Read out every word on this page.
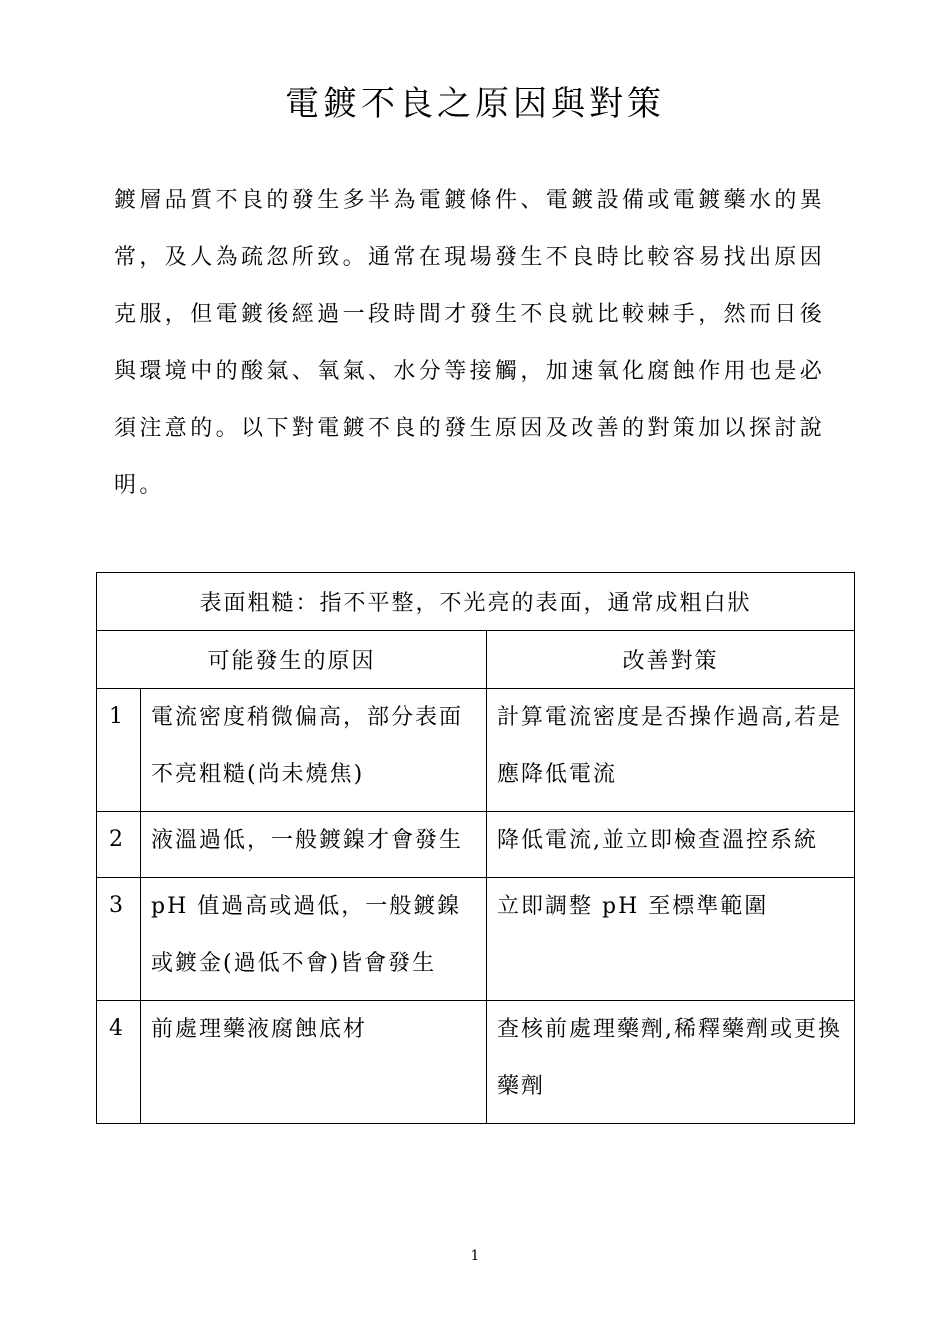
電鍍不良之原因與對策

鍍層品質不良的發生多半為電鍍條件、電鍍設備或電鍍藥水的異常，及人為疏忽所致。通常在現場發生不良時比較容易找出原因克服，但電鍍後經過一段時間才發生不良就比較棘手，然而日後與環境中的酸氣、氧氣、水分等接觸，加速氧化腐蝕作用也是必須注意的。以下對電鍍不良的發生原因及改善的對策加以探討說明。

表面粗糙：指不平整，不光亮的表面，通常成粗白狀		
可能發生的原因		改善對策
1	電流密度稍微偏高，部分表面不亮粗糙(尚未燒焦)	計算電流密度是否操作過高,若是應降低電流

2	液溫過低，一般鍍鎳才會發生	降低電流,並立即檢查溫控系統

3	pH 值過高或過低，一般鍍鎳或鍍金(過低不會)皆會發生	立即調整 pH 至標準範圍

4	前處理藥液腐蝕底材	查核前處理藥劑,稀釋藥劑或更換藥劑
1
